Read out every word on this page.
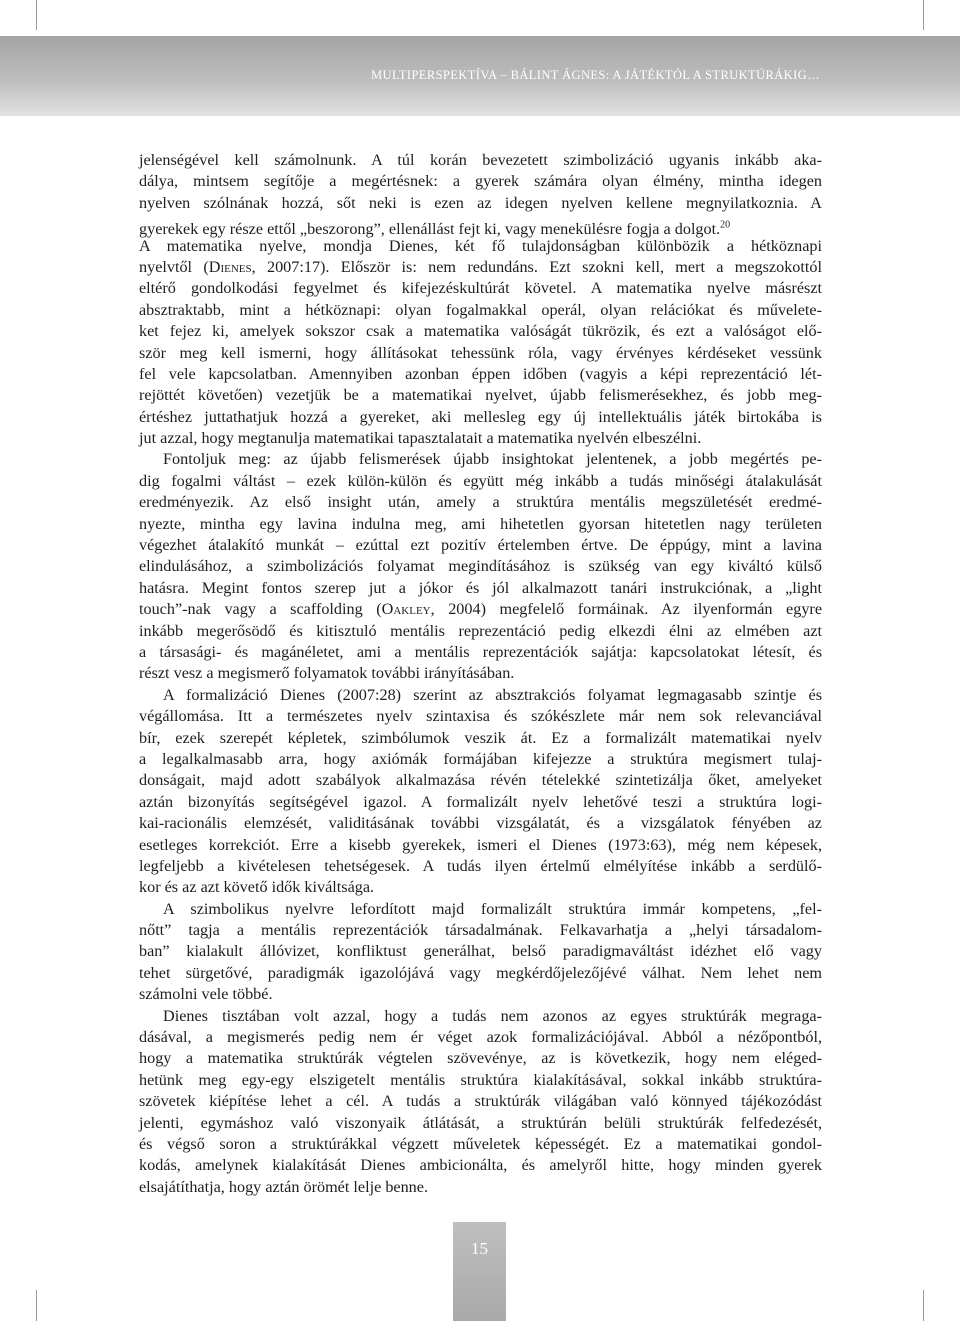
MULTIPERSPEKTÍVA – BÁLINT ÁGNES: A JÁTÉKTÓL A STRUKTÚRÁKIG…
jelenségével kell számolnunk. A túl korán bevezetett szimbolizáció ugyanis inkább aka-
dálya, mintsem segítője a megértésnek: a gyerek számára olyan élmény, mintha idegen
nyelven szólnának hozzá, sőt neki is ezen az idegen nyelven kellene megnyilatkoznia. A
gyerekek egy része ettől „beszorong”, ellenállást fejt ki, vagy menekülésre fogja a dolgot.$^{20}$
A matematika nyelve, mondja Dienes, két fő tulajdonságban különbözik a hétköznapi
nyelvtől (Dienes, 2007:17). Először is: nem redundáns. Ezt szokni kell, mert a megszokottól
eltérő gondolkodási fegyelmet és kifejezéskultúrát követel. A matematika nyelve másrészt
absztraktabb, mint a hétköznapi: olyan fogalmakkal operál, olyan relációkat és művelete-
ket fejez ki, amelyek sokszor csak a matematika valóságát tükrözik, és ezt a valóságot elő-
ször meg kell ismerni, hogy állításokat tehessünk róla, vagy érvényes kérdéseket vessünk
fel vele kapcsolatban. Amennyiben azonban éppen időben (vagyis a képi reprezentáció lét-
rejöttét követően) vezetjük be a matematikai nyelvet, újabb felismerésekhez, és jobb meg-
értéshez juttathatjuk hozzá a gyereket, aki mellesleg egy új intellektuális játék birtokába is
jut azzal, hogy megtanulja matematikai tapasztalatait a matematika nyelvén elbeszélni.
Fontoljuk meg: az újabb felismerések újabb insightokat jelentenek, a jobb megértés pe-
dig fogalmi váltást – ezek külön-külön és együtt még inkább a tudás minőségi átalakulását
eredményezik. Az első insight után, amely a struktúra mentális megszületését eredmé-
nyezte, mintha egy lavina indulna meg, ami hihetetlen gyorsan hitetetlen nagy területen
végezhet átalakító munkát – ezúttal ezt pozitív értelemben értve. De éppúgy, mint a lavina
elindulásához, a szimbolizációs folyamat megindításához is szükség van egy kiváltó külső
hatásra. Megint fontos szerep jut a jókor és jól alkalmazott tanári instrukciónak, a „light
touch”-nak vagy a scaffolding (Oakley, 2004) megfelelő formáinak. Az ilyenformán egyre
inkább megerősödő és kitisztuló mentális reprezentáció pedig elkezdi élni az elmében azt
a társasági- és magánéletet, ami a mentális reprezentációk sajátja: kapcsolatokat létesít, és
részt vesz a megismerő folyamatok további irányításában.
A formalizáció Dienes (2007:28) szerint az absztrakciós folyamat legmagasabb szintje és
végállomása. Itt a természetes nyelv szintaxisa és szókészlete már nem sok relevanciával
bír, ezek szerepét képletek, szimbólumok veszik át. Ez a formalizált matematikai nyelv
a legalkalmasabb arra, hogy axiómák formájában kifejezze a struktúra megismert tulaj-
donságait, majd adott szabályok alkalmazása révén tételekké szintetizálja őket, amelyeket
aztán bizonyítás segítségével igazol. A formalizált nyelv lehetővé teszi a struktúra logi-
kai-racionális elemzését, validitásának további vizsgálatát, és a vizsgálatok fényében az
esetleges korrekciót. Erre a kisebb gyerekek, ismeri el Dienes (1973:63), még nem képesek,
legfeljebb a kivételesen tehetségesek. A tudás ilyen értelmű elmélyítése inkább a serdülő-
kor és az azt követő idők kiváltsága.
A szimbolikus nyelvre lefordított majd formalizált struktúra immár kompetens, „fel-
nőtt” tagja a mentális reprezentációk társadalmának. Felkavarhatja a „helyi társadalom-
ban” kialakult állóvizet, konfliktust generálhat, belső paradigmaváltást idézhet elő vagy
tehet sürgetővé, paradigmák igazolójává vagy megkérdőjelezőjévé válhat. Nem lehet nem
számolni vele többé.
Dienes tisztában volt azzal, hogy a tudás nem azonos az egyes struktúrák megraga-
dásával, a megismerés pedig nem ér véget azok formalizációjával. Abból a nézőpontból,
hogy a matematika struktúrák végtelen szövevénye, az is következik, hogy nem eléged-
hetünk meg egy-egy elszigetelt mentális struktúra kialakításával, sokkal inkább struktúra-
szövetek kiépítése lehet a cél. A tudás a struktúrák világában való könnyed tájékozódást
jelenti, egymáshoz való viszonyaik átlátását, a struktúrán belüli struktúrák felfedezését,
és végső soron a struktúrákkal végzett műveletek képességét. Ez a matematikai gondol-
kodás, amelynek kialakítását Dienes ambicionálta, és amelyről hitte, hogy minden gyerek
elsajátíthatja, hogy aztán örömét lelje benne.
15
